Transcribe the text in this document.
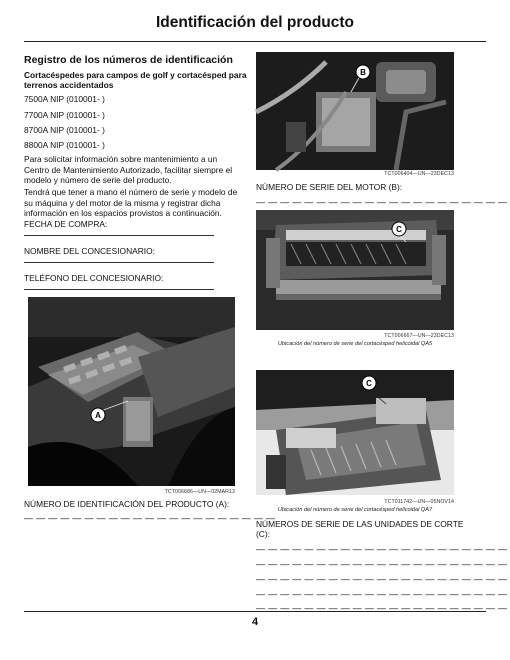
Identificación del producto
Registro de los números de identificación
Cortacéspedes para campos de golf y cortacésped para terrenos accidentados
7500A NIP (010001- )
7700A NIP (010001- )
8700A NIP (010001- )
8800A NIP (010001- )
Para solicitar información sobre mantenimiento a un Centro de Mantenimiento Autorizado, facilitar siempre el modelo y número de serie del producto.
Tendrá que tener a mano el número de serie y modelo de su máquina y del motor de la misma y registrar dicha información en los espacios provistos a continuación.
FECHA DE COMPRA:
NOMBRE DEL CONCESIONARIO:
TELÉFONO DEL CONCESIONARIO:
A
TCT006686—UN—02MAR13
NÚMERO DE IDENTIFICACIÓN DEL PRODUCTO (A):
— — — — — — — — — — — — — — — — — — — — —
B
TCT006404—UN—23DEC13
NÚMERO DE SERIE DEL MOTOR (B):
— — — — — — — — — — — — — — — — — — — — —
C
TCT006667—UN—23DEC13
Ubicación del número de serie del cortacésped helicoidal QA5
C
TCT011742—UN—05NOV14
Ubicación del número de serie del cortacésped helicoidal QA7
NÚMEROS DE SERIE DE LAS UNIDADES DE CORTE (C):
— — — — — — — — — — — — — — — — — — — — —
— — — — — — — — — — — — — — — — — — — — —
— — — — — — — — — — — — — — — — — — — — —
— — — — — — — — — — — — — — — — — — — — —
— — — — — — — — — — — — — — — — — — — — —
4
